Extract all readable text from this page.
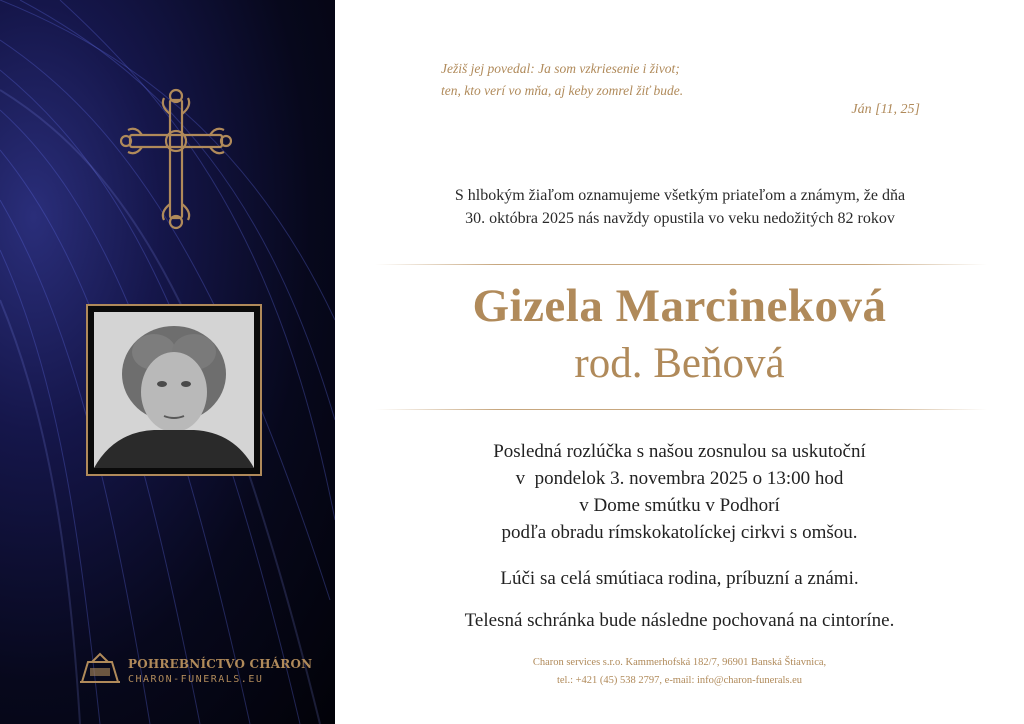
POHREBNÍCTVO CHÁRON
CHARON-FUNERALS.EU
Ježiš jej povedal: Ja som vzkriesenie i život;
ten, kto verí vo mňa, aj keby zomrel žiť bude.
Ján [11, 25]
S hlbokým žiaľom oznamujeme všetkým priateľom a známym, že dňa
30. októbra 2025 nás navždy opustila vo veku nedožitých 82 rokov
Gizela Marcineková
rod. Beňová
Posledná rozlúčka s našou zosnulou sa uskutoční
v  pondelok 3. novembra 2025 o 13:00 hod
v Dome smútku v Podhorí
podľa obradu rímskokatolíckej cirkvi s omšou.
Lúči sa celá smútiaca rodina, príbuzní a známi.
Telesná schránka bude následne pochovaná na cintoríne.
Charon services s.r.o. Kammerhofská 182/7, 96901 Banská Štiavnica,
tel.: +421 (45) 538 2797, e-mail: info@charon-funerals.eu
